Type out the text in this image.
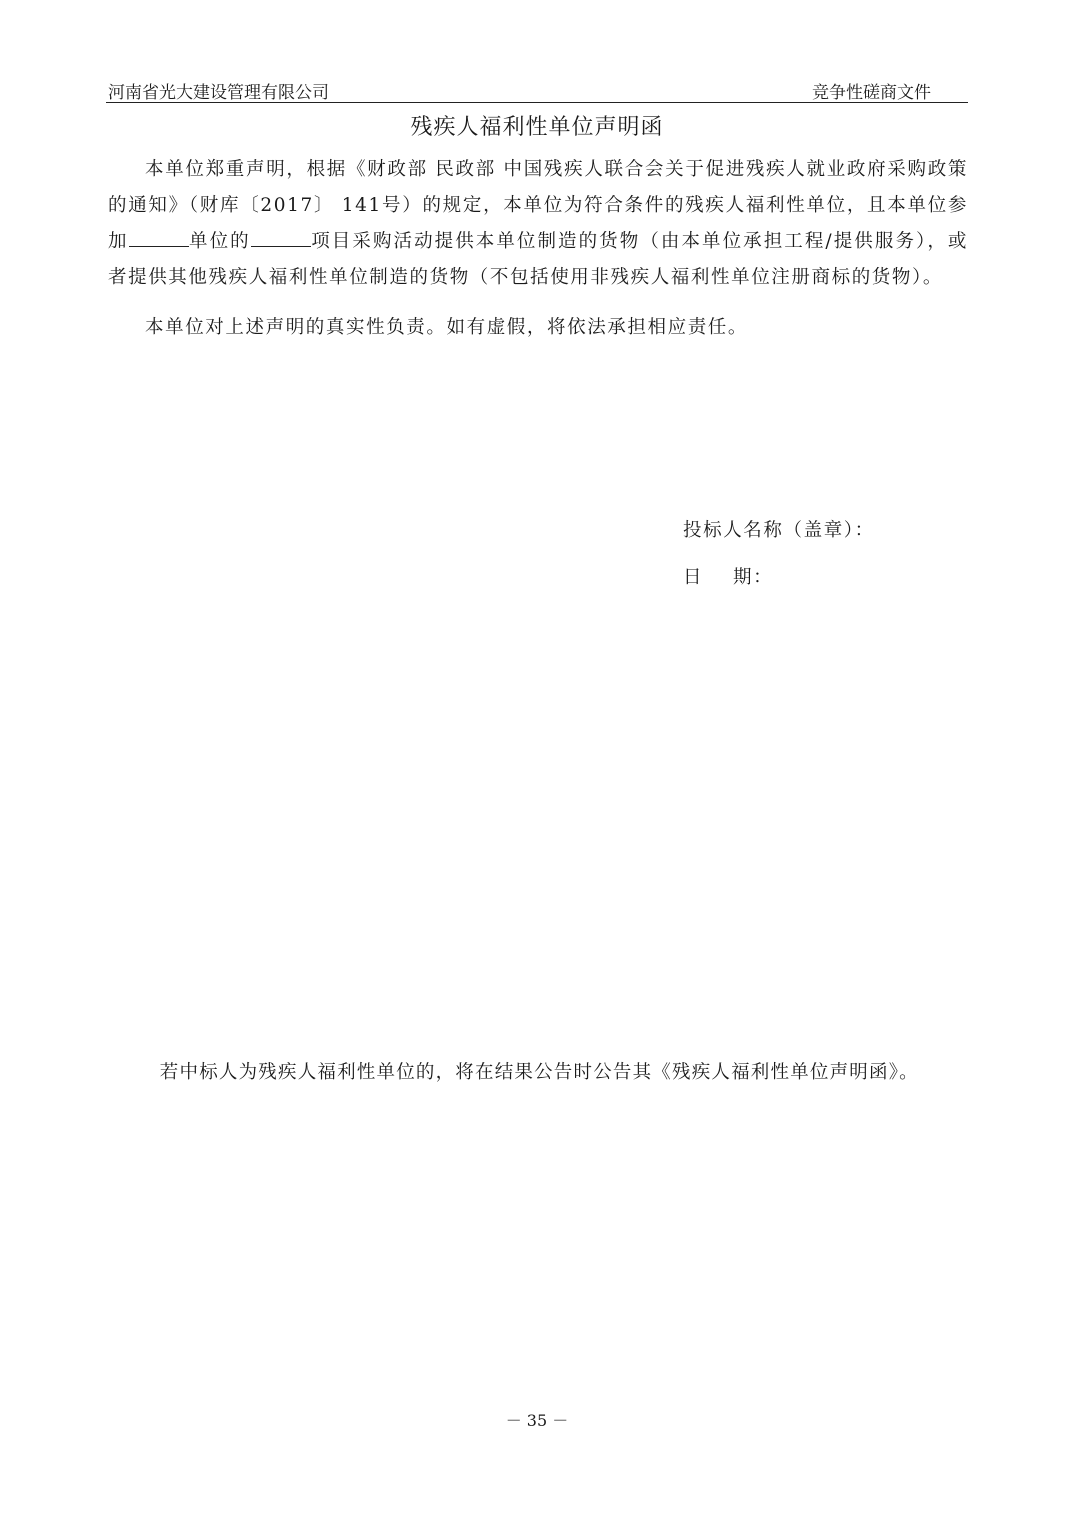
河南省光大建设管理有限公司	竞争性磋商文件
残疾人福利性单位声明函

本单位郑重声明，根据《财政部 民政部 中国残疾人联合会关于促进残疾人就业政府采购政策的通知》（财库〔2017〕 141号）的规定，本单位为符合条件的残疾人福利性单位，且本单位参加	单位的	项目采购活动提供本单位制造的货物（由本单位承担工程/提供服务），或者提供其他残疾人福利性单位制造的货物（不包括使用非残疾人福利性单位注册商标的货物）。

本单位对上述声明的真实性负责。如有虚假，将依法承担相应责任。

投标人名称（盖章）：
日    期：
若中标人为残疾人福利性单位的，将在结果公告时公告其《残疾人福利性单位声明函》。
－ 35 －
